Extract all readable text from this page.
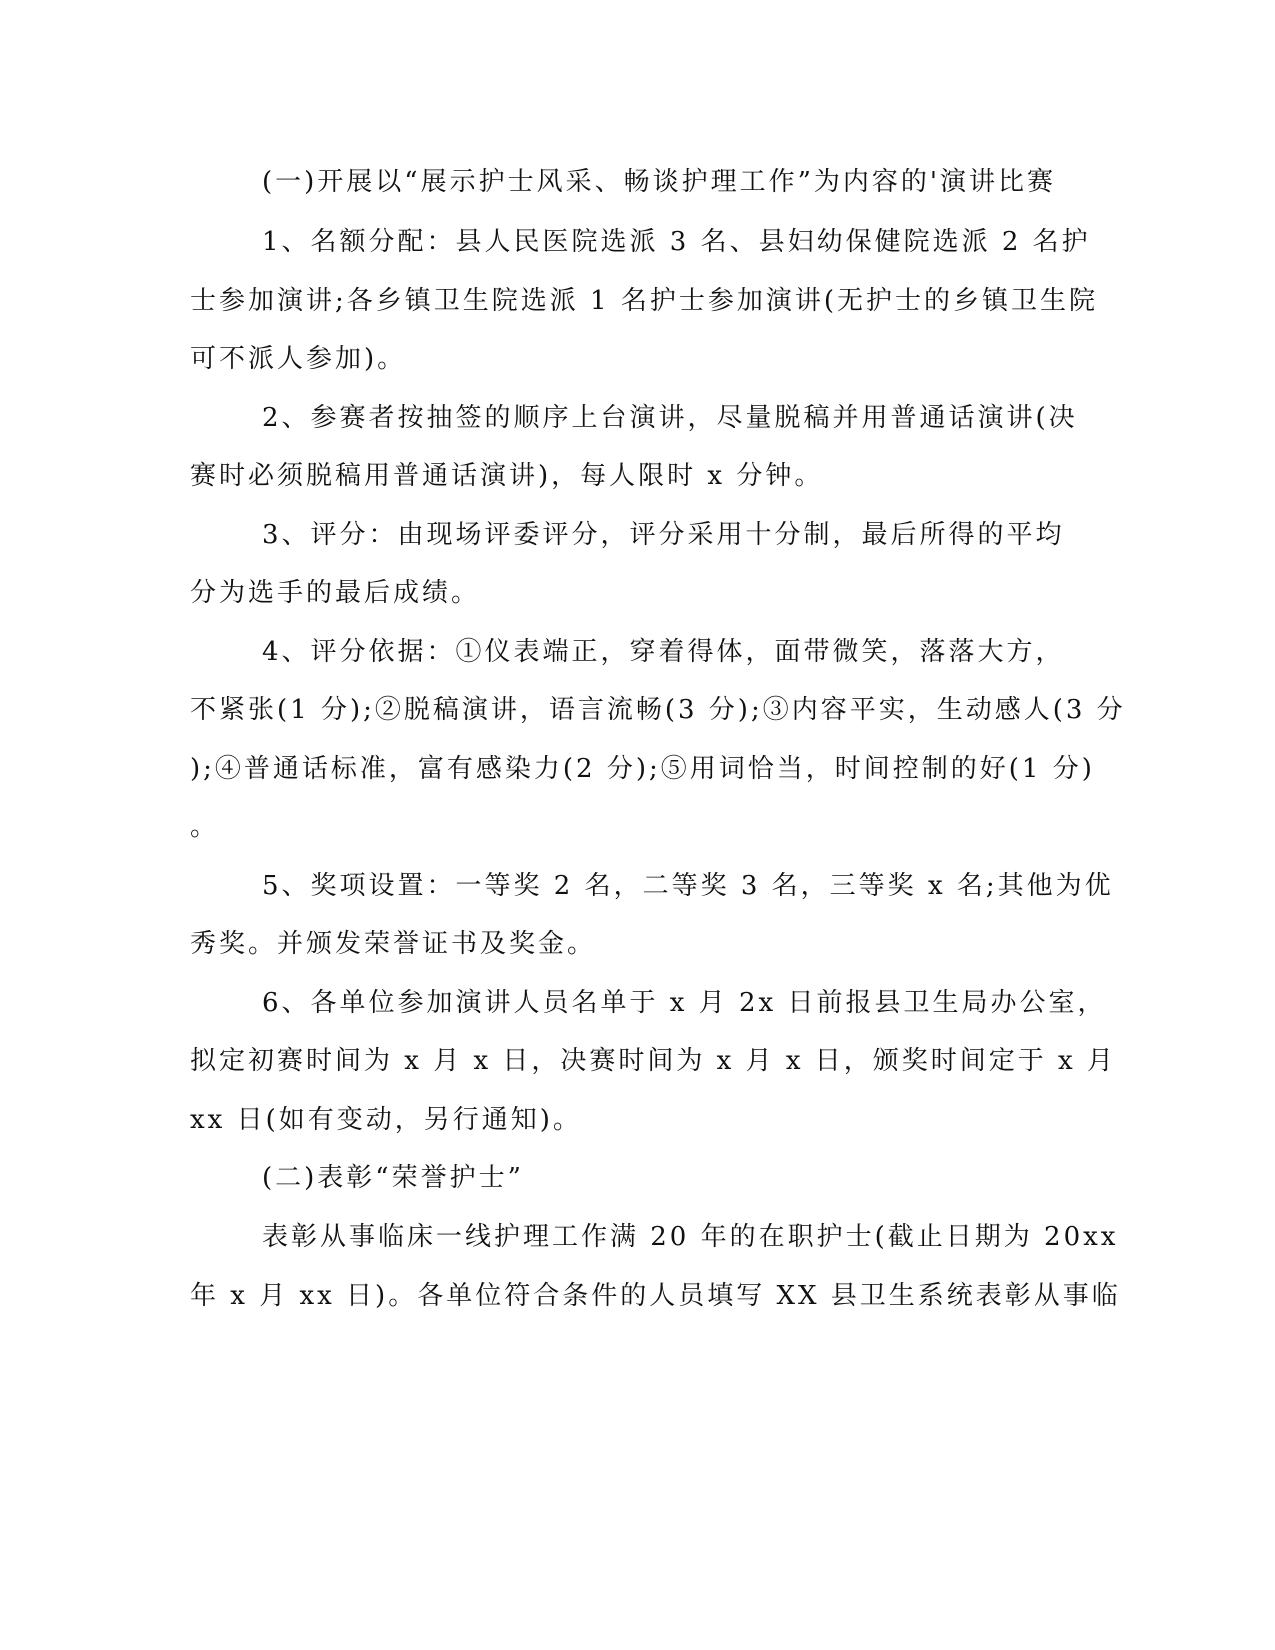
(一)开展以“展示护士风采、畅谈护理工作”为内容的'演讲比赛
1、名额分配：县人民医院选派 3 名、县妇幼保健院选派 2 名护
士参加演讲;各乡镇卫生院选派 1 名护士参加演讲(无护士的乡镇卫生院
可不派人参加)。
2、参赛者按抽签的顺序上台演讲，尽量脱稿并用普通话演讲(决
赛时必须脱稿用普通话演讲)，每人限时 x 分钟。
3、评分：由现场评委评分，评分采用十分制，最后所得的平均
分为选手的最后成绩。
4、评分依据：①仪表端正，穿着得体，面带微笑，落落大方，
不紧张(1 分);②脱稿演讲，语言流畅(3 分);③内容平实，生动感人(3 分
);④普通话标准，富有感染力(2 分);⑤用词恰当，时间控制的好(1 分)
。
5、奖项设置：一等奖 2 名，二等奖 3 名，三等奖 x 名;其他为优
秀奖。并颁发荣誉证书及奖金。
6、各单位参加演讲人员名单于 x 月 2x 日前报县卫生局办公室，
拟定初赛时间为 x 月 x 日，决赛时间为 x 月 x 日，颁奖时间定于 x 月
xx 日(如有变动，另行通知)。
(二)表彰“荣誉护士”
表彰从事临床一线护理工作满 20 年的在职护士(截止日期为 20xx
年 x 月 xx 日)。各单位符合条件的人员填写 XX 县卫生系统表彰从事临
